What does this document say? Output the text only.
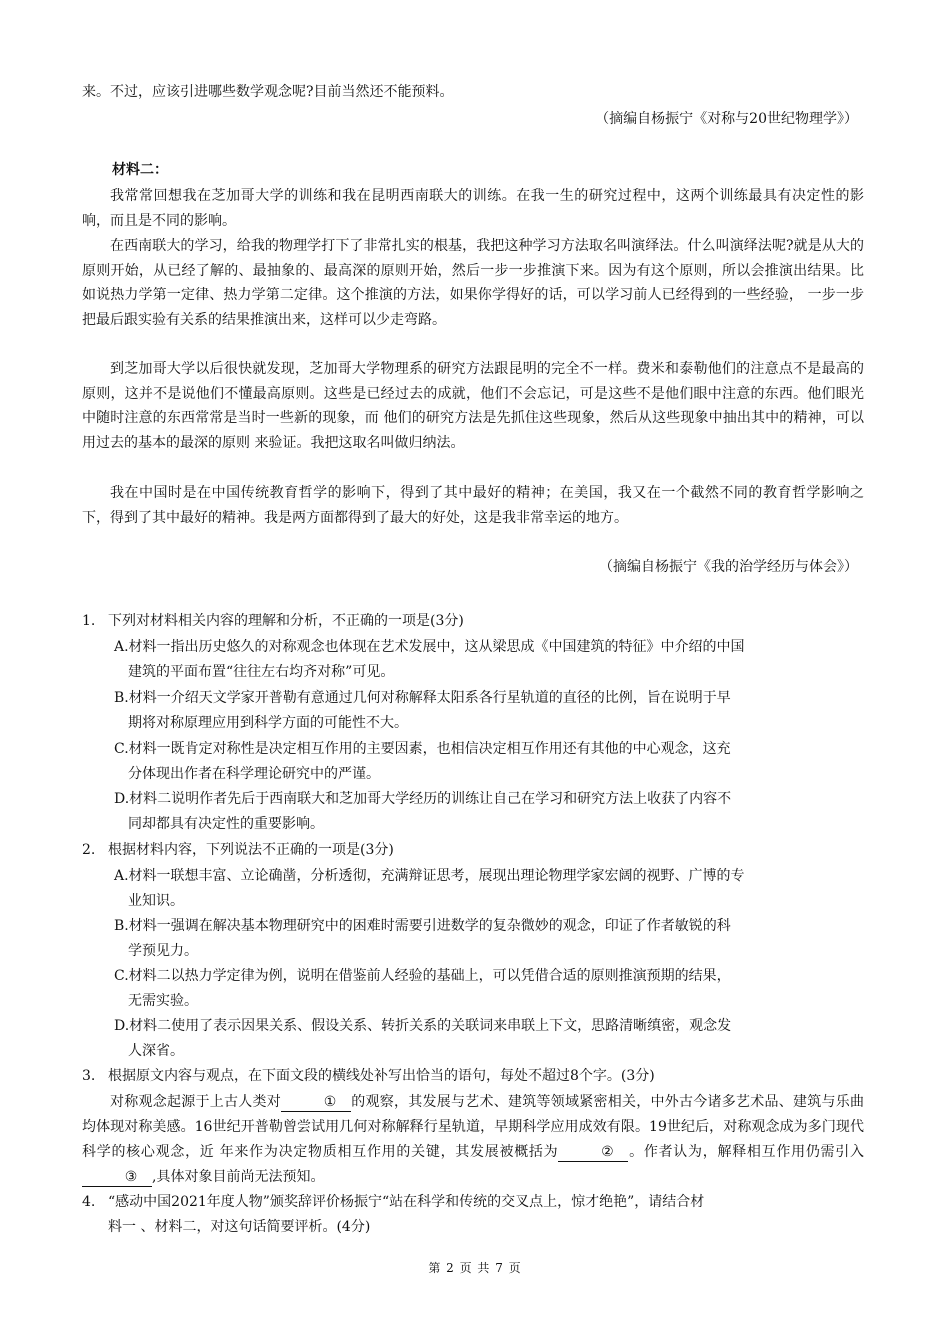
来。不过，应该引进哪些数学观念呢?目前当然还不能预料。

（摘编自杨振宁《对称与20世纪物理学》）
材料二：

我常常回想我在芝加哥大学的训练和我在昆明西南联大的训练。在我一生的研究过程中，这两个训练最具有决定性的影响，而且是不同的影响。

在西南联大的学习，给我的物理学打下了非常扎实的根基，我把这种学习方法取名叫演绎法。什么叫演绎法呢?就是从大的原则开始，从已经了解的、最抽象的、最高深的原则开始，然后一步一步推演下来。因为有这个原则，所以会推演出结果。比如说热力学第一定律、热力学第二定律。这个推演的方法，如果你学得好的话，可以学习前人已经得到的一些经验， 一步一步把最后跟实验有关系的结果推演出来，这样可以少走弯路。

到芝加哥大学以后很快就发现，芝加哥大学物理系的研究方法跟昆明的完全不一样。费米和泰勒他们的注意点不是最高的原则，这并不是说他们不懂最高原则。这些是已经过去的成就，他们不会忘记，可是这些不是他们眼中注意的东西。他们眼光中随时注意的东西常常是当时一些新的现象，而 他们的研究方法是先抓住这些现象，然后从这些现象中抽出其中的精神，可以用过去的基本的最深的原则 来验证。我把这取名叫做归纳法。

我在中国时是在中国传统教育哲学的影响下，得到了其中最好的精神；在美国，我又在一个截然不同的教育哲学影响之下，得到了其中最好的精神。我是两方面都得到了最大的好处，这是我非常幸运的地方。

（摘编自杨振宁《我的治学经历与体会》）
1. 下列对材料相关内容的理解和分析，不正确的一项是(3分)
A.材料一指出历史悠久的对称观念也体现在艺术发展中，这从梁思成《中国建筑的特征》中介绍的中国
建筑的平面布置“往往左右均齐对称”可见。
B.材料一介绍天文学家开普勒有意通过几何对称解释太阳系各行星轨道的直径的比例，旨在说明于早
期将对称原理应用到科学方面的可能性不大。
C.材料一既肯定对称性是决定相互作用的主要因素，也相信决定相互作用还有其他的中心观念，这充
分体现出作者在科学理论研究中的严谨。
D.材料二说明作者先后于西南联大和芝加哥大学经历的训练让自己在学习和研究方法上收获了内容不
同却都具有决定性的重要影响。
2. 根据材料内容，下列说法不正确的一项是(3分)
A.材料一联想丰富、立论确凿，分析透彻，充满辩证思考，展现出理论物理学家宏阔的视野、广博的专
业知识。
B.材料一强调在解决基本物理研究中的困难时需要引进数学的复杂微妙的观念，印证了作者敏锐的科
学预见力。
C.材料二以热力学定律为例，说明在借鉴前人经验的基础上，可以凭借合适的原则推演预期的结果，
无需实验。
D.材料二使用了表示因果关系、假设关系、转折关系的关联词来串联上下文，思路清晰缜密，观念发
人深省。
3. 根据原文内容与观点，在下面文段的横线处补写出恰当的语句，每处不超过8个字。(3分)

对称观念起源于上古人类对	① 的观察，其发展与艺术、建筑等领域紧密相关，中外古今诸多艺术品、建筑与乐曲均体现对称美感。16世纪开普勒曾尝试用几何对称解释行星轨道，早期科学应用成效有限。19世纪后，对称观念成为多门现代科学的核心观念，近 年来作为决定物质相互作用的关键，其发展被概括为	② 。作者认为，解释相互作用仍需引入③ ,具体对象目前尚无法预知。

4. “感动中国2021年度人物”颁奖辞评价杨振宁“站在科学和传统的交叉点上，惊才绝艳”，请结合材
料一 、材料二，对这句话简要评析。(4分)
第 2 页 共 7 页
